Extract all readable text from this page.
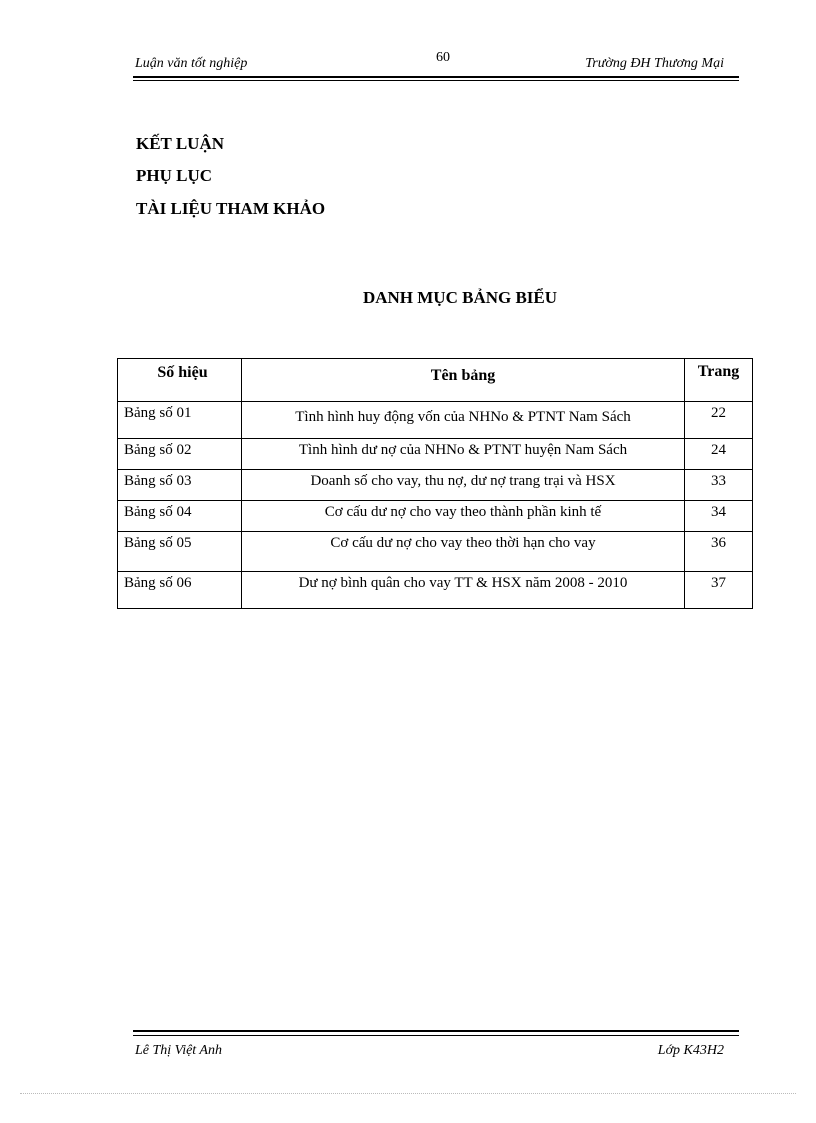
Luận văn tốt nghiệp	60	Trường ĐH Thương Mại
KẾT LUẬN
PHỤ LỤC
TÀI LIỆU THAM KHẢO
DANH MỤC BẢNG BIỂU
Số hiệu	Tên bảng	Trang
Bảng số 01	Tình hình huy động vốn của NHNo & PTNT Nam Sách	22
Bảng số 02	Tình hình dư nợ của NHNo & PTNT huyện Nam Sách	24
Bảng số 03	Doanh số cho vay, thu nợ, dư nợ trang trại và HSX	33
Bảng số 04	Cơ cấu dư nợ cho vay theo thành phần kinh tế	34
Bảng số 05	Cơ cấu dư nợ cho vay theo thời hạn cho vay	36
Bảng số 06	Dư nợ bình quân cho vay TT & HSX năm 2008 - 2010	37
Lê Thị Việt Anh	Lớp K43H2
